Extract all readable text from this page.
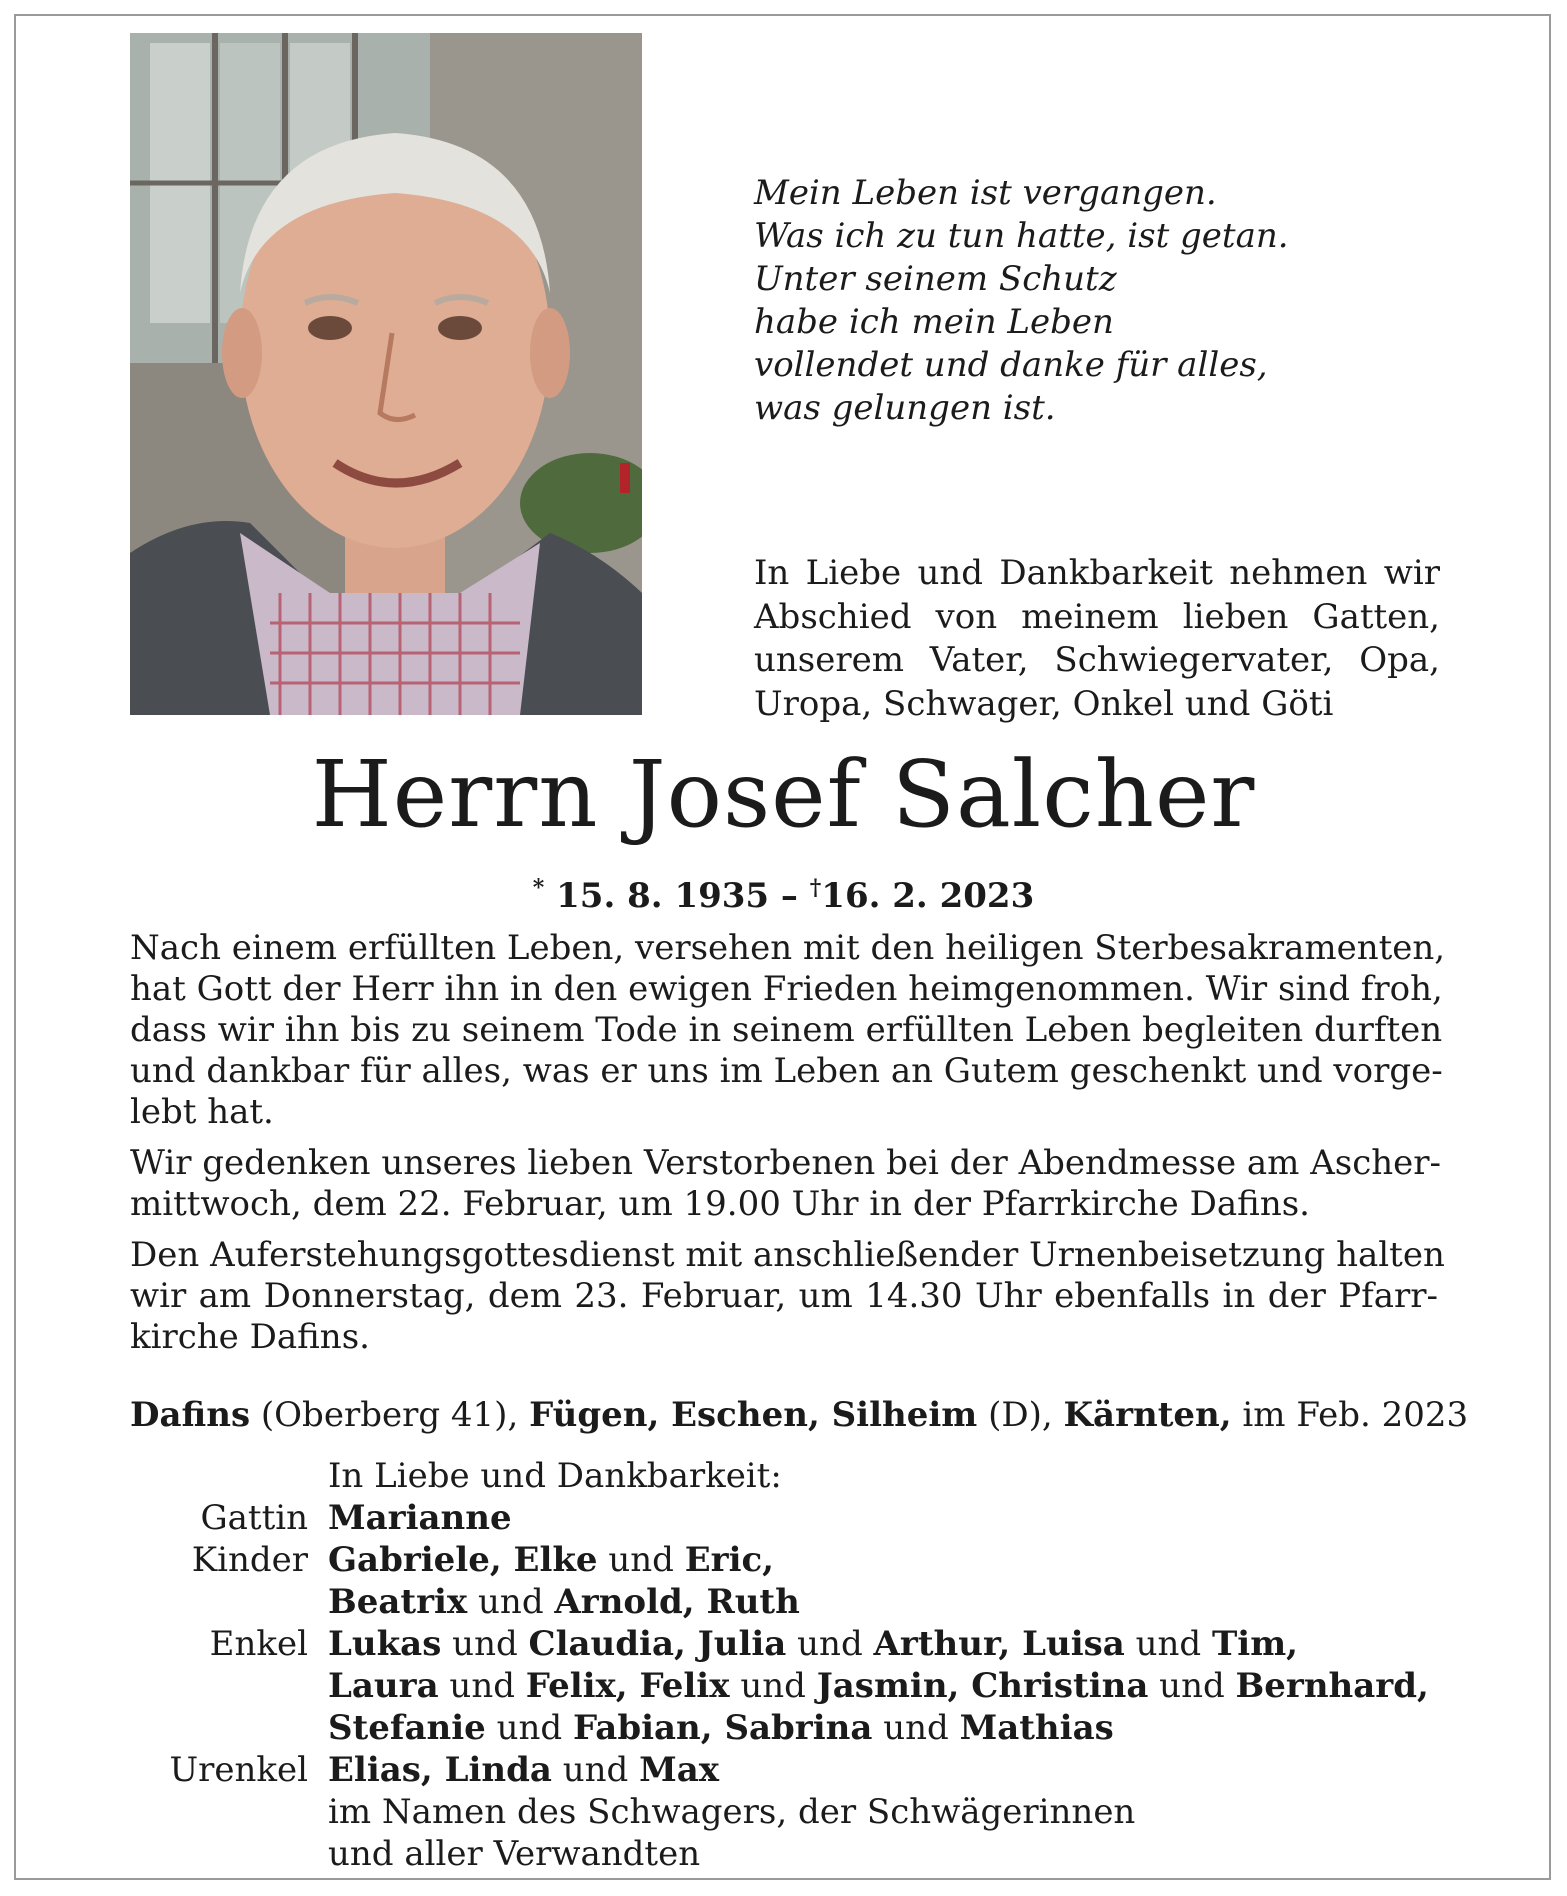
Mein Leben ist vergangen.
Was ich zu tun hatte, ist getan.
Unter seinem Schutz
habe ich mein Leben
vollendet und danke für alles,
was gelungen ist.
In Liebe und Dankbarkeit nehmen wir
Abschied von meinem lieben Gatten,
unserem Vater, Schwiegervater, Opa,
Uropa, Schwager, Onkel und Göti
Herrn Josef Salcher
* 15. 8. 1935 – †16. 2. 2023

Nach einem erfüllten Leben, versehen mit den heiligen Sterbesakramenten,
hat Gott der Herr ihn in den ewigen Frieden heimgenommen. Wir sind froh,
dass wir ihn bis zu seinem Tode in seinem erfüllten Leben begleiten durften
und dankbar für alles, was er uns im Leben an Gutem geschenkt und vorge-
lebt hat.

Wir gedenken unseres lieben Verstorbenen bei der Abendmesse am Ascher-
mittwoch, dem 22. Februar, um 19.00 Uhr in der Pfarrkirche Dafins.

Den Auferstehungsgottesdienst mit anschließender Urnenbeisetzung halten
wir am Donnerstag, dem 23. Februar, um 14.30 Uhr ebenfalls in der Pfarr-
kirche Dafins.

Dafins (Oberberg 41), Fügen, Eschen, Silheim (D), Kärnten, im Feb. 2023
In Liebe und Dankbarkeit:
Gattin Marianne
Kinder Gabriele, Elke und Eric,
Beatrix und Arnold, Ruth
Enkel Lukas und Claudia, Julia und Arthur, Luisa und Tim,
Laura und Felix, Felix und Jasmin, Christina und Bernhard,
Stefanie und Fabian, Sabrina und Mathias
Urenkel Elias, Linda und Max
im Namen des Schwagers, der Schwägerinnen
und aller Verwandten
